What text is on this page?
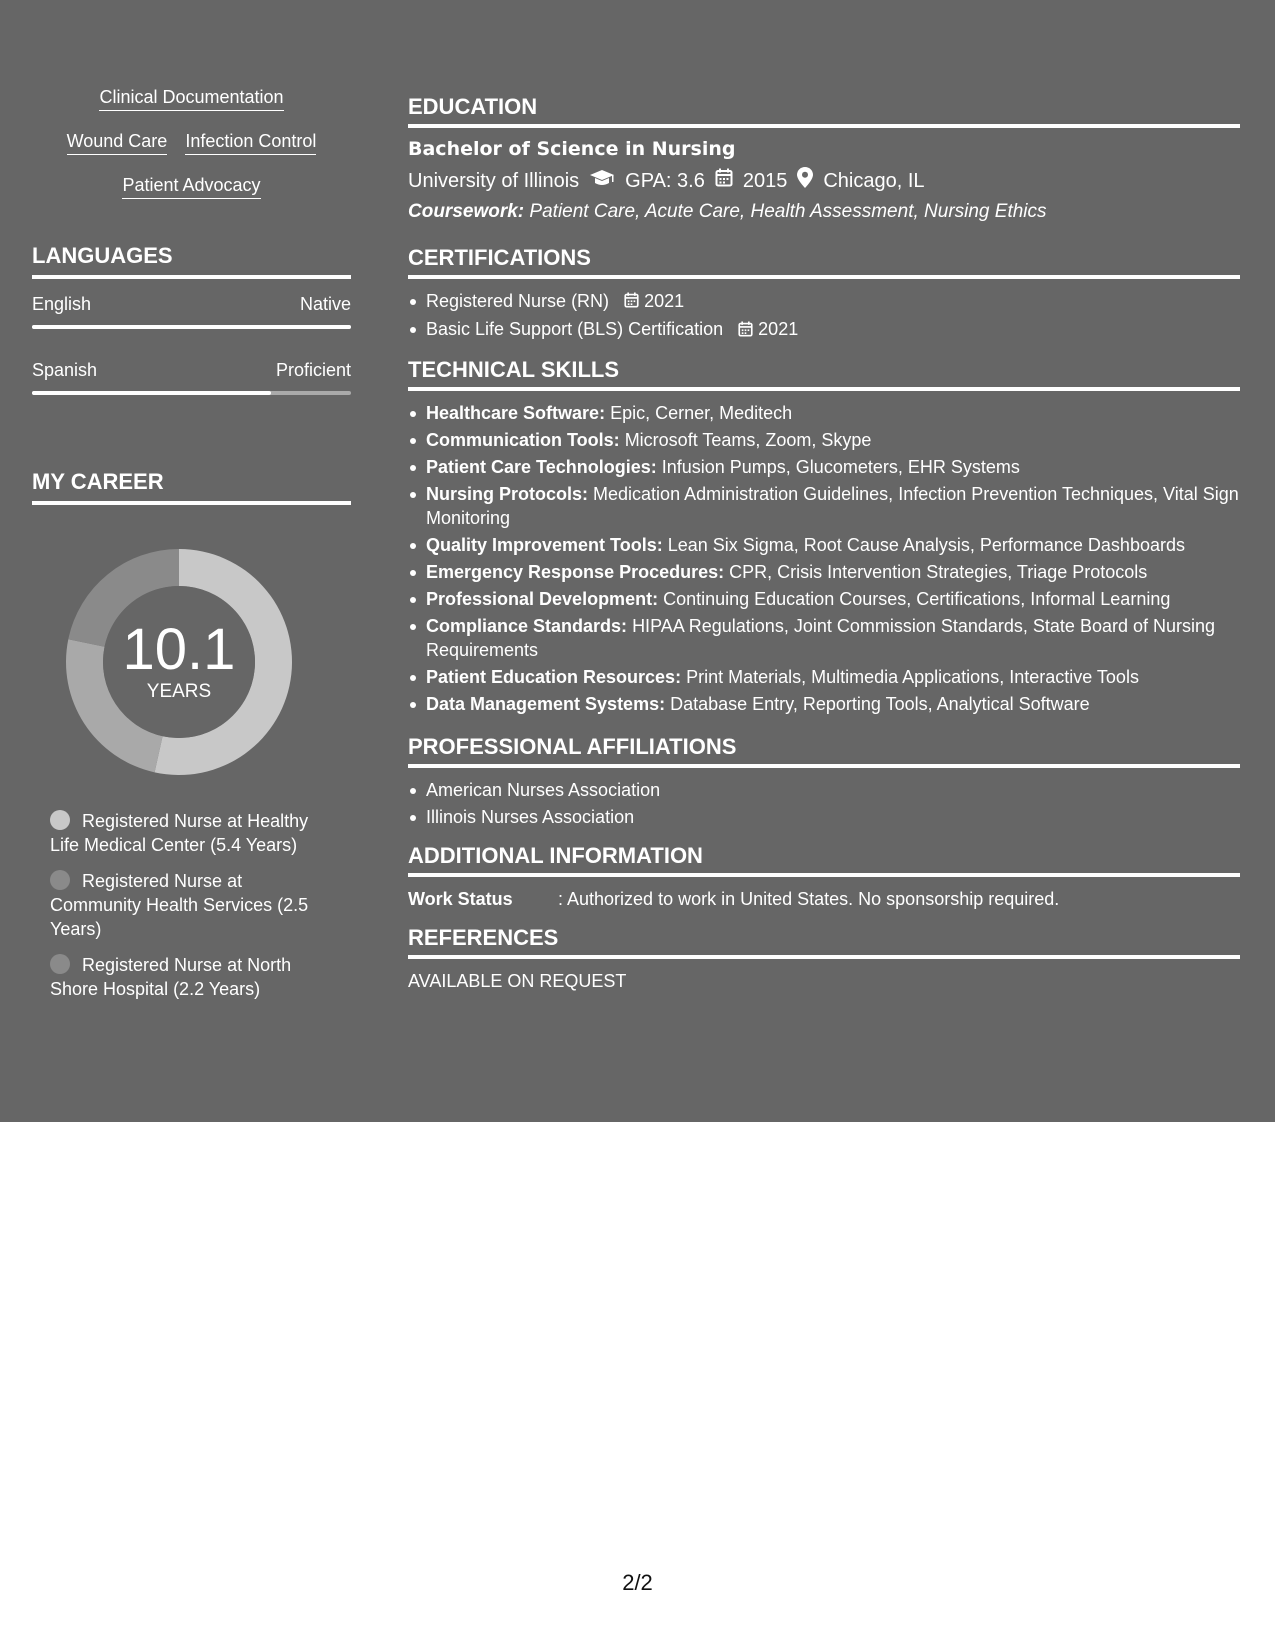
Clinical Documentation
Wound Care Infection Control
Patient Advocacy
LANGUAGES
English	Native
Spanish	Proficient
MY CAREER
10.1
YEARS
Registered Nurse at Healthy Life Medical Center (5.4 Years)
Registered Nurse at Community Health Services (2.5 Years)
Registered Nurse at North Shore Hospital (2.2 Years)
EDUCATION
Bachelor of Science in Nursing
University of Illinois GPA: 3.6 2015 Chicago, IL
Coursework: Patient Care, Acute Care, Health Assessment, Nursing Ethics
CERTIFICATIONS
Registered Nurse (RN) 2021
Basic Life Support (BLS) Certification 2021
TECHNICAL SKILLS
Healthcare Software: Epic, Cerner, Meditech
Communication Tools: Microsoft Teams, Zoom, Skype
Patient Care Technologies: Infusion Pumps, Glucometers, EHR Systems
Nursing Protocols: Medication Administration Guidelines, Infection Prevention Techniques, Vital Sign Monitoring
Quality Improvement Tools: Lean Six Sigma, Root Cause Analysis, Performance Dashboards
Emergency Response Procedures: CPR, Crisis Intervention Strategies, Triage Protocols
Professional Development: Continuing Education Courses, Certifications, Informal Learning
Compliance Standards: HIPAA Regulations, Joint Commission Standards, State Board of Nursing Requirements
Patient Education Resources: Print Materials, Multimedia Applications, Interactive Tools
Data Management Systems: Database Entry, Reporting Tools, Analytical Software
PROFESSIONAL AFFILIATIONS
American Nurses Association
Illinois Nurses Association
ADDITIONAL INFORMATION
Work Status	: Authorized to work in United States. No sponsorship required.
REFERENCES
AVAILABLE ON REQUEST
2/2
